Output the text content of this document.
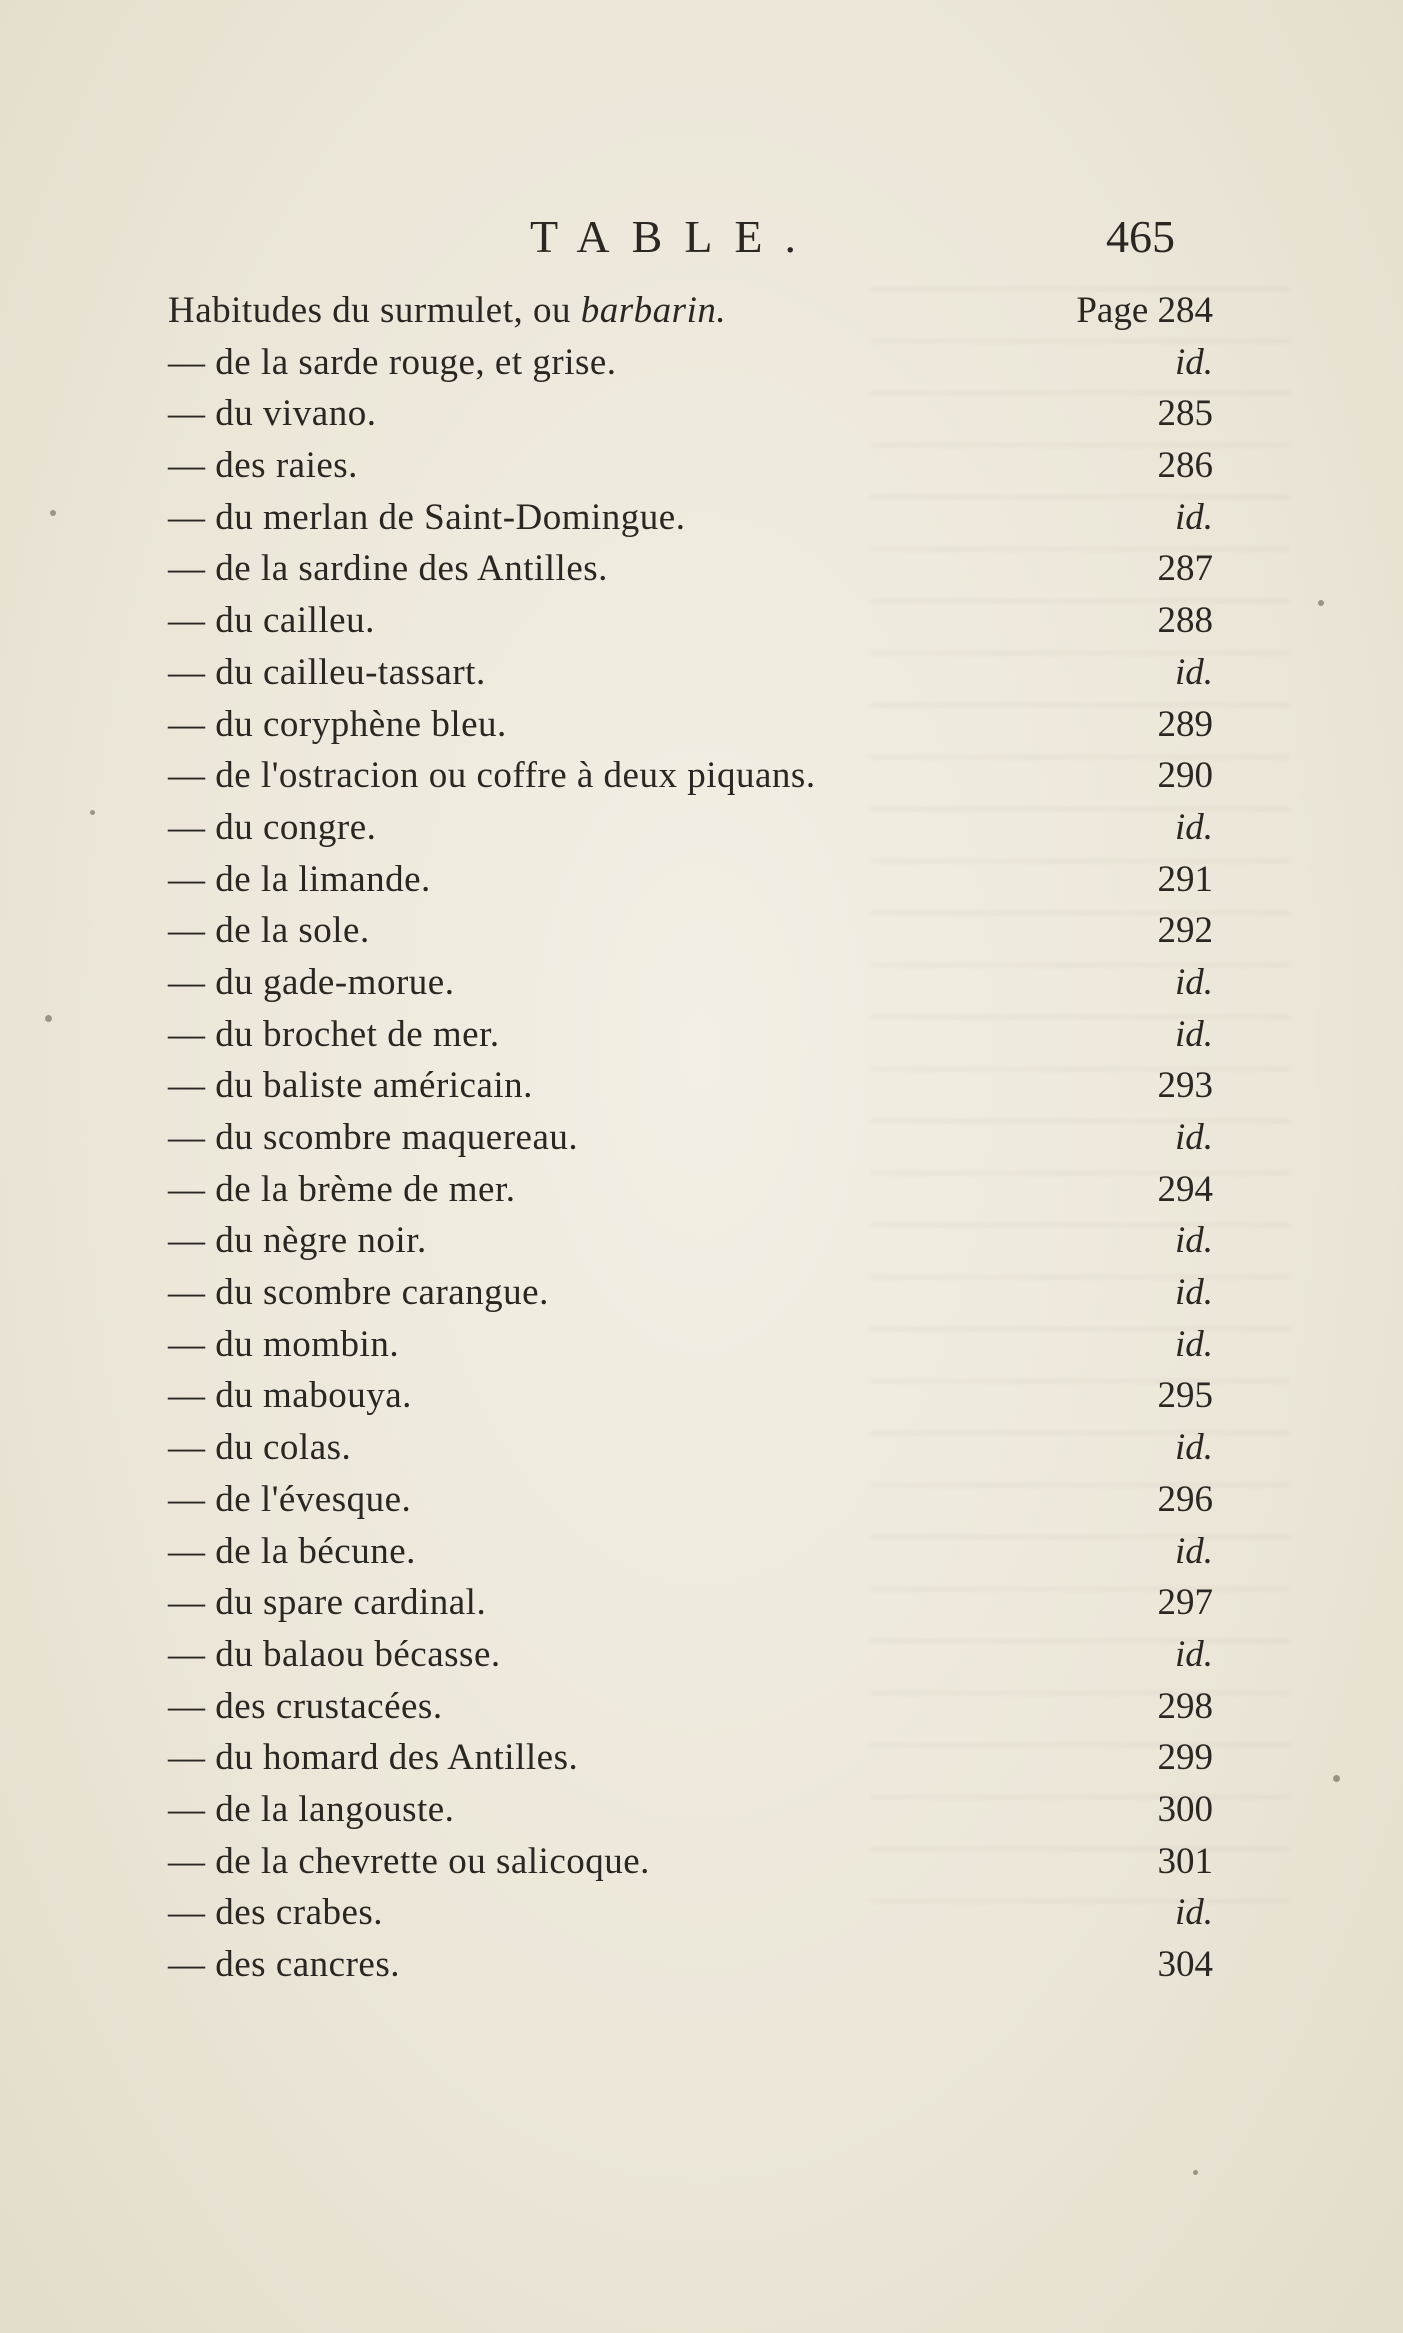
TABLE.	465
Habitudes du surmulet, ou barbarin.	Page 284
— de la sarde rouge, et grise.	id.
— du vivano.	285
— des raies.	286
— du merlan de Saint-Domingue.	id.
— de la sardine des Antilles.	287
— du cailleu.	288
— du cailleu-tassart.	id.
— du coryphène bleu.	289
— de l'ostracion ou coffre à deux piquans.	290
— du congre.	id.
— de la limande.	291
— de la sole.	292
— du gade-morue.	id.
— du brochet de mer.	id.
— du baliste américain.	293
— du scombre maquereau.	id.
— de la brème de mer.	294
— du nègre noir.	id.
— du scombre carangue.	id.
— du mombin.	id.
— du mabouya.	295
— du colas.	id.
— de l'évesque.	296
— de la bécune.	id.
— du spare cardinal.	297
— du balaou bécasse.	id.
— des crustacées.	298
— du homard des Antilles.	299
— de la langouste.	300
— de la chevrette ou salicoque.	301
— des crabes.	id.
— des cancres.	304
